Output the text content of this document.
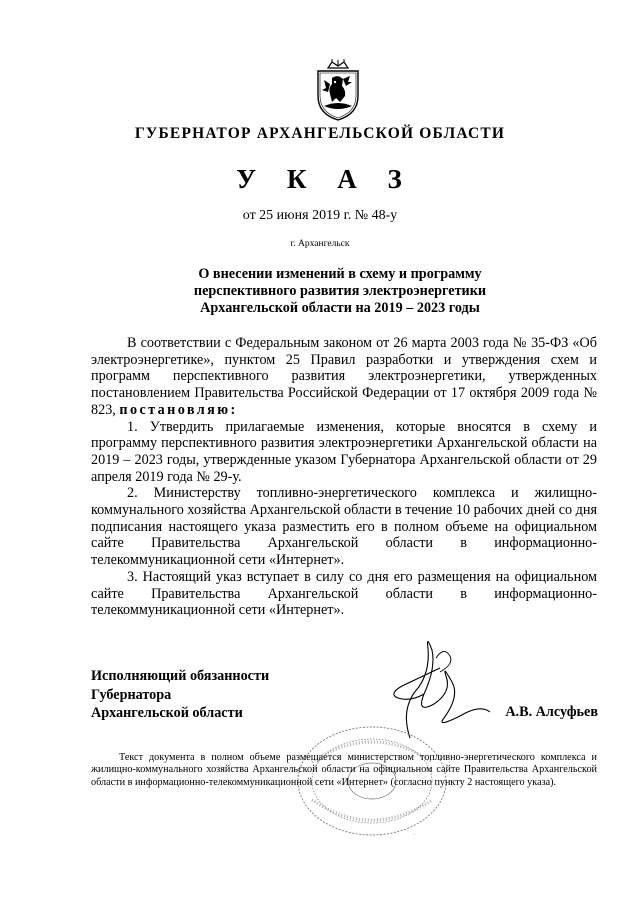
ГУБЕРНАТОР АРХАНГЕЛЬСКОЙ ОБЛАСТИ
У К А З
от 25 июня 2019 г. № 48-у
г. Архангельск
О внесении изменений в схему и программу
перспективного развития электроэнергетики
Архангельской области на 2019 – 2023 годы

В соответствии с Федеральным законом от 26 марта 2003 года № 35-ФЗ «Об электроэнергетике», пунктом 25 Правил разработки и утверждения схем и программ перспективного развития электроэнергетики, утвержденных постановлением Правительства Российской Федерации от 17 октября 2009 года № 823, постановляю:

1. Утвердить прилагаемые изменения, которые вносятся в схему и программу перспективного развития электроэнергетики Архангельской области на 2019 – 2023 годы, утвержденные указом Губернатора Архангельской области от 29 апреля 2019 года № 29-у.

2. Министерству топливно-энергетического комплекса и жилищно-коммунального хозяйства Архангельской области в течение 10 рабочих дней со дня подписания настоящего указа разместить его в полном объеме на официальном сайте Правительства Архангельской области в информационно-телекоммуникационной сети «Интернет».

3. Настоящий указ вступает в силу со дня его размещения на официальном сайте Правительства Архангельской области в информационно-телекоммуникационной сети «Интернет».

Исполняющий обязанности
Губернатора
Архангельской области	А.В. Алсуфьев
Текст документа в полном объеме размещается министерством топливно-энергетического комплекса и жилищно-коммунального хозяйства Архангельской области на официальном сайте Правительства Архангельской области в информационно-телекоммуникационной сети «Интернет» (согласно пункту 2 настоящего указа).
·
